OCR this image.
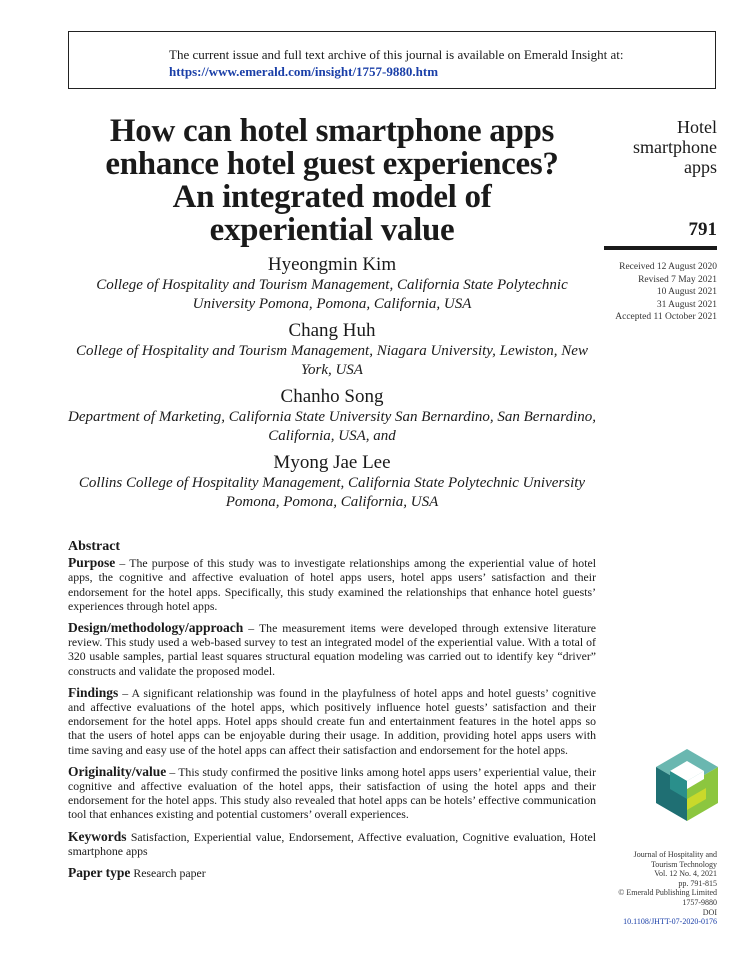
The current issue and full text archive of this journal is available on Emerald Insight at:
https://www.emerald.com/insight/1757-9880.htm
How can hotel smartphone apps
enhance hotel guest experiences?
An integrated model of
experiential value
Hyeongmin Kim
College of Hospitality and Tourism Management, California State Polytechnic University Pomona, Pomona, California, USA
Chang Huh
College of Hospitality and Tourism Management, Niagara University, Lewiston, New York, USA
Chanho Song
Department of Marketing, California State University San Bernardino, San Bernardino, California, USA, and
Myong Jae Lee
Collins College of Hospitality Management, California State Polytechnic University Pomona, Pomona, California, USA
Hotel
smartphone
apps
791
Received 12 August 2020
Revised 7 May 2021
10 August 2021
31 August 2021
Accepted 11 October 2021
Abstract

Purpose – The purpose of this study was to investigate relationships among the experiential value of hotel apps, the cognitive and affective evaluation of hotel apps users, hotel apps users’ satisfaction and their endorsement for the hotel apps. Specifically, this study examined the relationships that enhance hotel guests’ experiences through hotel apps.

Design/methodology/approach – The measurement items were developed through extensive literature review. This study used a web-based survey to test an integrated model of the experiential value. With a total of 320 usable samples, partial least squares structural equation modeling was carried out to identify key “driver” constructs and validate the proposed model.

Findings – A significant relationship was found in the playfulness of hotel apps and hotel guests’ cognitive and affective evaluations of the hotel apps, which positively influence hotel guests’ satisfaction and their endorsement for the hotel apps. Hotel apps should create fun and entertainment features in the hotel apps so that the users of hotel apps can be enjoyable during their usage. In addition, providing hotel apps users with time saving and easy use of the hotel apps can affect their satisfaction and endorsement for the hotel apps.

Originality/value – This study confirmed the positive links among hotel apps users’ experiential value, their cognitive and affective evaluation of the hotel apps, their satisfaction of using the hotel apps and their endorsement for the hotel apps. This study also revealed that hotel apps can be hotels’ effective communication tool that enhances existing and potential customers’ overall experiences.

Keywords Satisfaction, Experiential value, Endorsement, Affective evaluation, Cognitive evaluation, Hotel smartphone apps

Paper type Research paper

Journal of Hospitality and
Tourism Technology
Vol. 12 No. 4, 2021
pp. 791-815
© Emerald Publishing Limited
1757-9880
DOI
10.1108/JHTT-07-2020-0176
